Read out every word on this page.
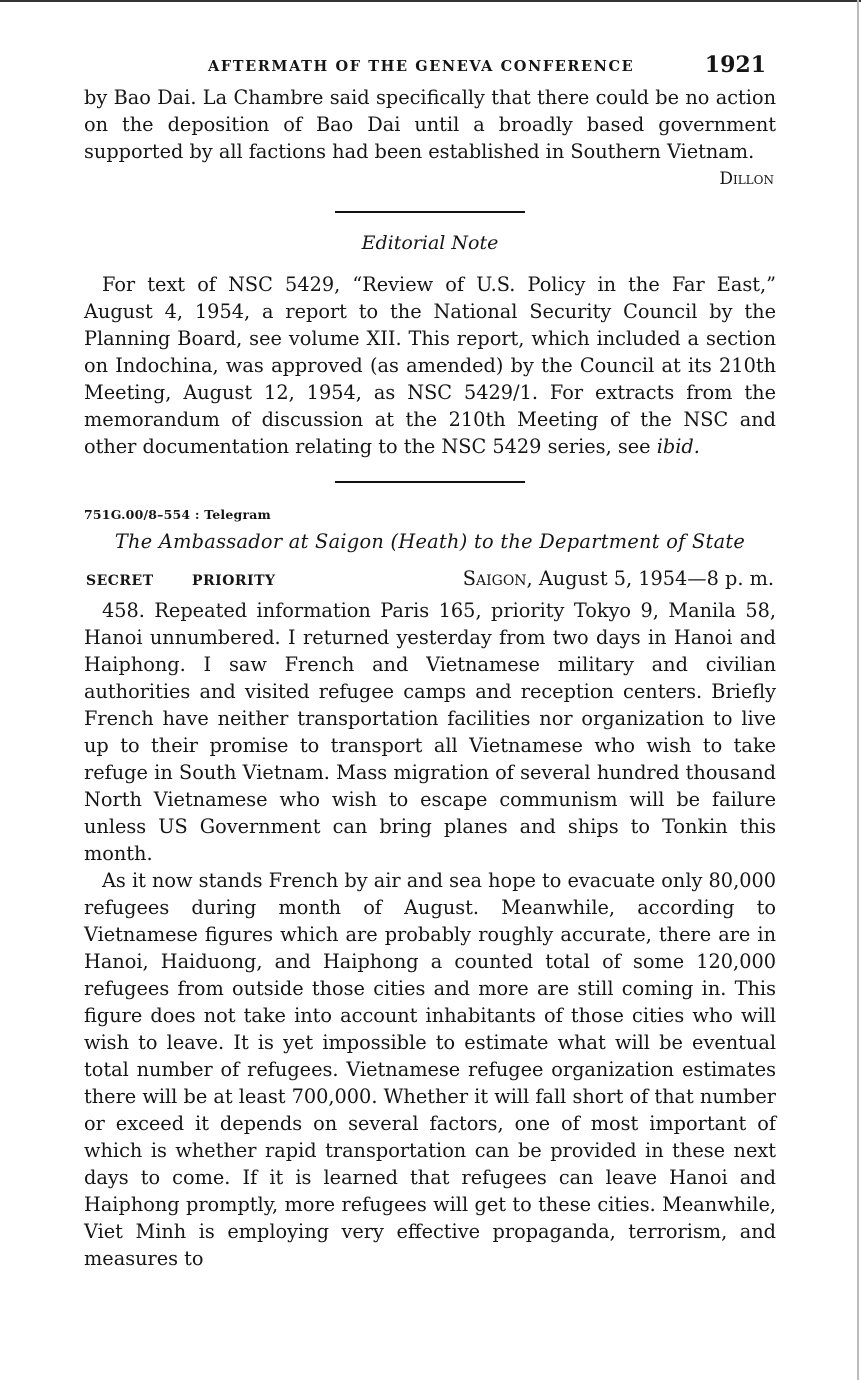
AFTERMATH OF THE GENEVA CONFERENCE	1921

by Bao Dai. La Chambre said specifically that there could be no action on the deposition of Bao Dai until a broadly based government supported by all factions had been established in Southern Vietnam.

Dillon

Editorial Note

For text of NSC 5429, “Review of U.S. Policy in the Far East,” August 4, 1954, a report to the National Security Council by the Planning Board, see volume XII. This report, which included a section on Indochina, was approved (as amended) by the Council at its 210th Meeting, August 12, 1954, as NSC 5429/1. For extracts from the memorandum of discussion at the 210th Meeting of the NSC and other documentation relating to the NSC 5429 series, see ibid.

751G.00/8–554 : Telegram

The Ambassador at Saigon (Heath) to the Department of State

SECRET	PRIORITY	Saigon, August 5, 1954—8 p. m.

458. Repeated information Paris 165, priority Tokyo 9, Manila 58, Hanoi unnumbered. I returned yesterday from two days in Hanoi and Haiphong. I saw French and Vietnamese military and civilian authorities and visited refugee camps and reception centers. Briefly French have neither transportation facilities nor organization to live up to their promise to transport all Vietnamese who wish to take refuge in South Vietnam. Mass migration of several hundred thousand North Vietnamese who wish to escape communism will be failure unless US Government can bring planes and ships to Tonkin this month.

As it now stands French by air and sea hope to evacuate only 80,000 refugees during month of August. Meanwhile, according to Vietnamese figures which are probably roughly accurate, there are in Hanoi, Haiduong, and Haiphong a counted total of some 120,000 refugees from outside those cities and more are still coming in. This figure does not take into account inhabitants of those cities who will wish to leave. It is yet impossible to estimate what will be eventual total number of refugees. Vietnamese refugee organization estimates there will be at least 700,000. Whether it will fall short of that number or exceed it depends on several factors, one of most important of which is whether rapid transportation can be provided in these next days to come. If it is learned that refugees can leave Hanoi and Haiphong promptly, more refugees will get to these cities. Meanwhile, Viet Minh is employing very effective propaganda, terrorism, and measures to
